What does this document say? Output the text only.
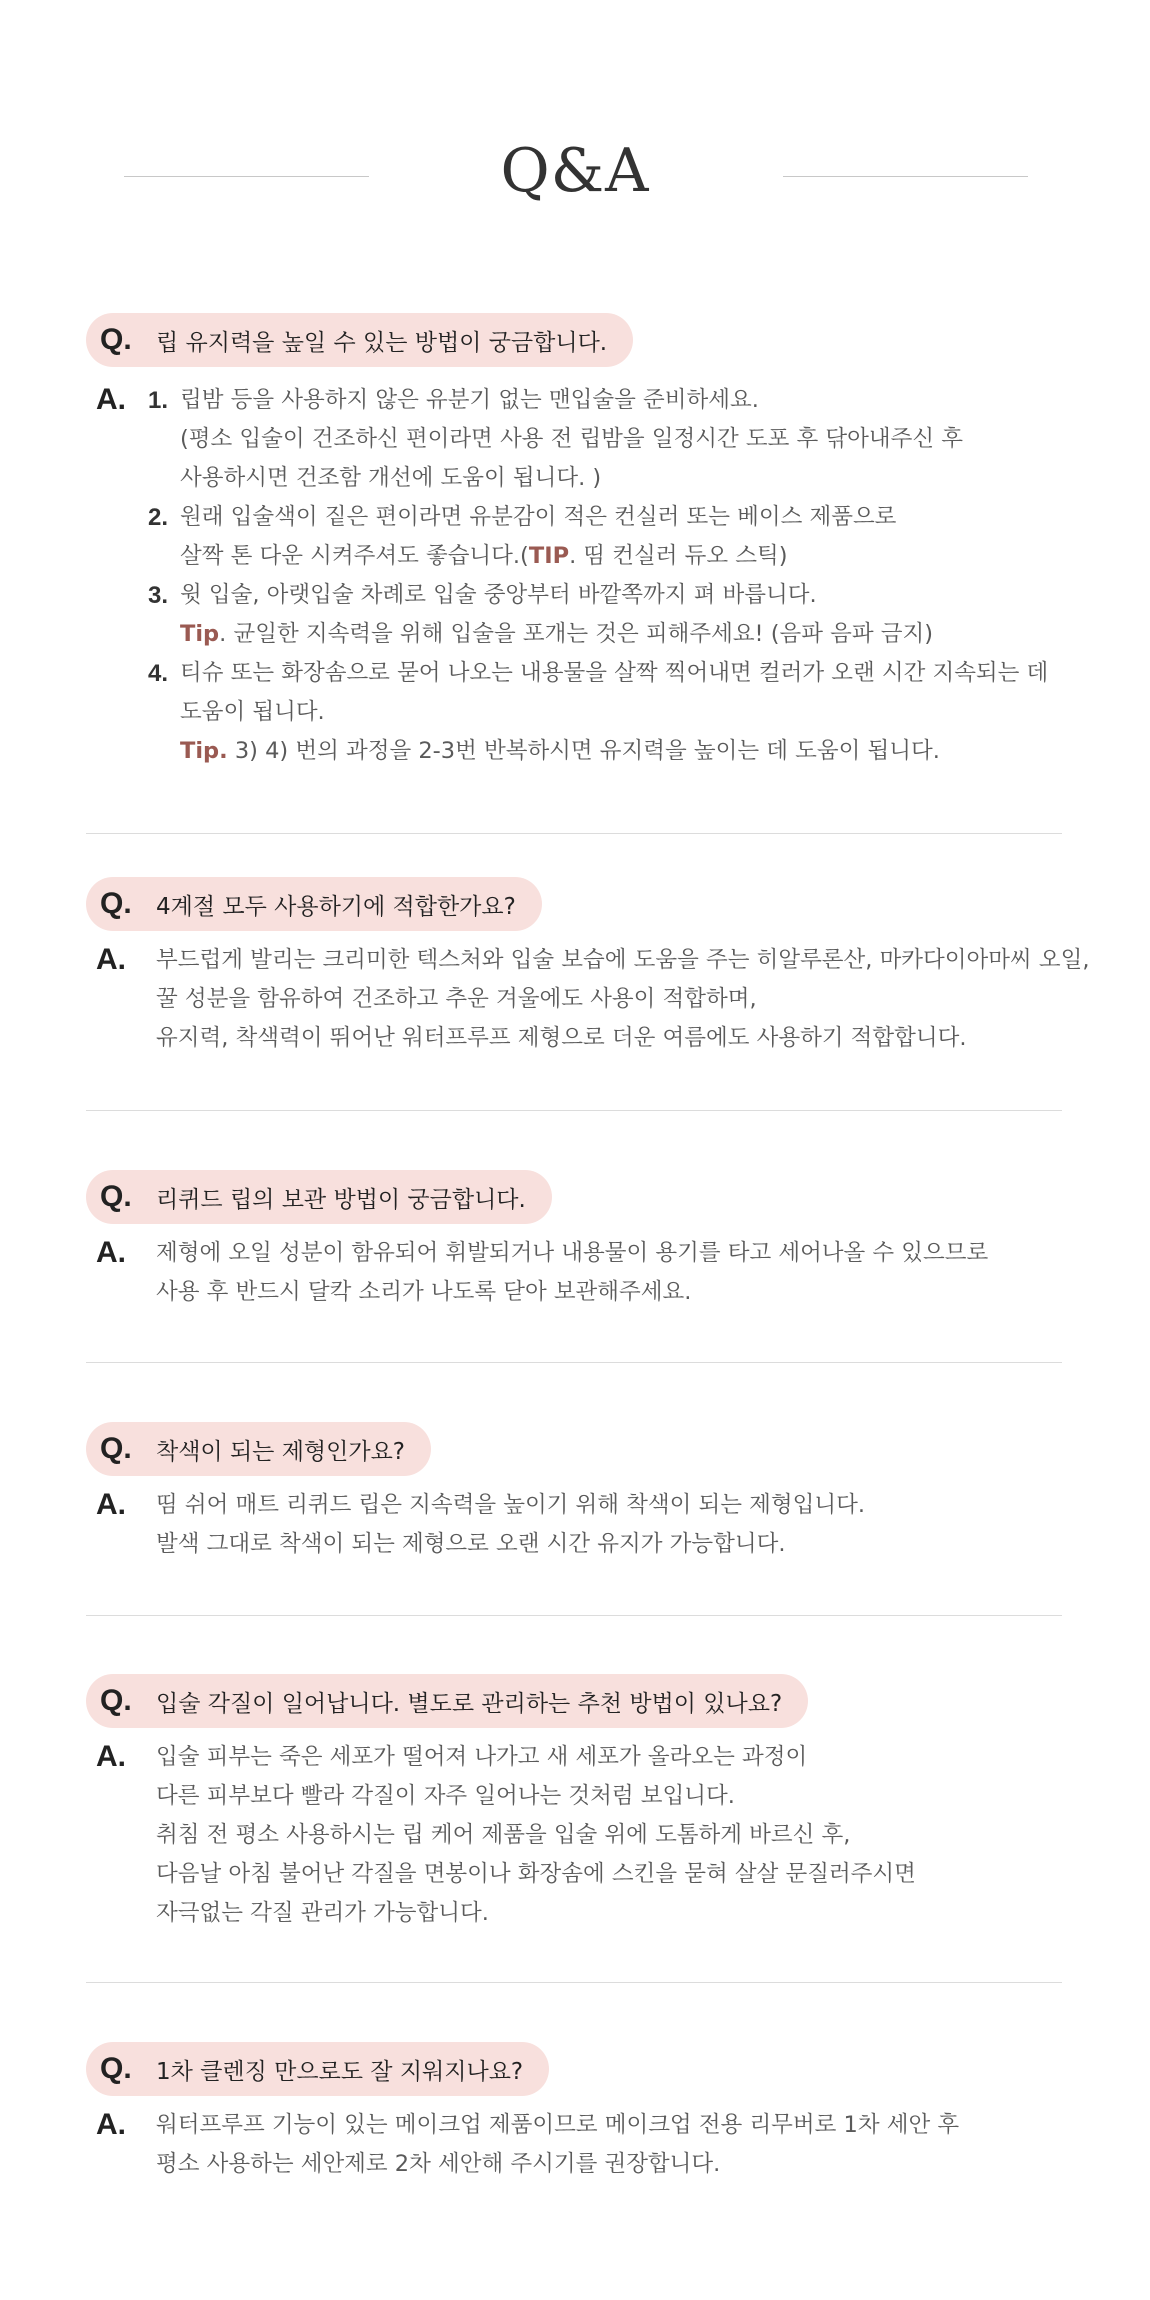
Q&A
Q.	립 유지력을 높일 수 있는 방법이 궁금합니다.
A. 1. 립밤 등을 사용하지 않은 유분기 없는 맨입술을 준비하세요.
(평소 입술이 건조하신 편이라면 사용 전 립밤을 일정시간 도포 후 닦아내주신 후
사용하시면 건조함 개선에 도움이 됩니다. )
2. 원래 입술색이 짙은 편이라면 유분감이 적은 컨실러 또는 베이스 제품으로
살짝 톤 다운 시켜주셔도 좋습니다.(TIP. 띰 컨실러 듀오 스틱)
3. 윗 입술, 아랫입술 차례로 입술 중앙부터 바깥쪽까지 펴 바릅니다.
Tip. 균일한 지속력을 위해 입술을 포개는 것은 피해주세요! (음파 음파 금지)
4. 티슈 또는 화장솜으로 묻어 나오는 내용물을 살짝 찍어내면 컬러가 오랜 시간 지속되는 데
도움이 됩니다.
Tip. 3) 4) 번의 과정을 2-3번 반복하시면 유지력을 높이는 데 도움이 됩니다.
Q.	4계절 모두 사용하기에 적합한가요?
A. 부드럽게 발리는 크리미한 텍스처와 입술 보습에 도움을 주는 히알루론산, 마카다이아마씨 오일,
꿀 성분을 함유하여 건조하고 추운 겨울에도 사용이 적합하며,
유지력, 착색력이 뛰어난 워터프루프 제형으로 더운 여름에도 사용하기 적합합니다.
Q.	리퀴드 립의 보관 방법이 궁금합니다.
A. 제형에 오일 성분이 함유되어 휘발되거나 내용물이 용기를 타고 세어나올 수 있으므로
사용 후 반드시 달칵 소리가 나도록 닫아 보관해주세요.
Q.	착색이 되는 제형인가요?
A. 띰 쉬어 매트 리퀴드 립은 지속력을 높이기 위해 착색이 되는 제형입니다.
발색 그대로 착색이 되는 제형으로 오랜 시간 유지가 가능합니다.
Q.	입술 각질이 일어납니다. 별도로 관리하는 추천 방법이 있나요?
A. 입술 피부는 죽은 세포가 떨어져 나가고 새 세포가 올라오는 과정이
다른 피부보다 빨라 각질이 자주 일어나는 것처럼 보입니다.
취침 전 평소 사용하시는 립 케어 제품을 입술 위에 도톰하게 바르신 후,
다음날 아침 불어난 각질을 면봉이나 화장솜에 스킨을 묻혀 살살 문질러주시면
자극없는 각질 관리가 가능합니다.
Q.	1차 클렌징 만으로도 잘 지워지나요?
A. 워터프루프 기능이 있는 메이크업 제품이므로 메이크업 전용 리무버로 1차 세안 후
평소 사용하는 세안제로 2차 세안해 주시기를 권장합니다.
